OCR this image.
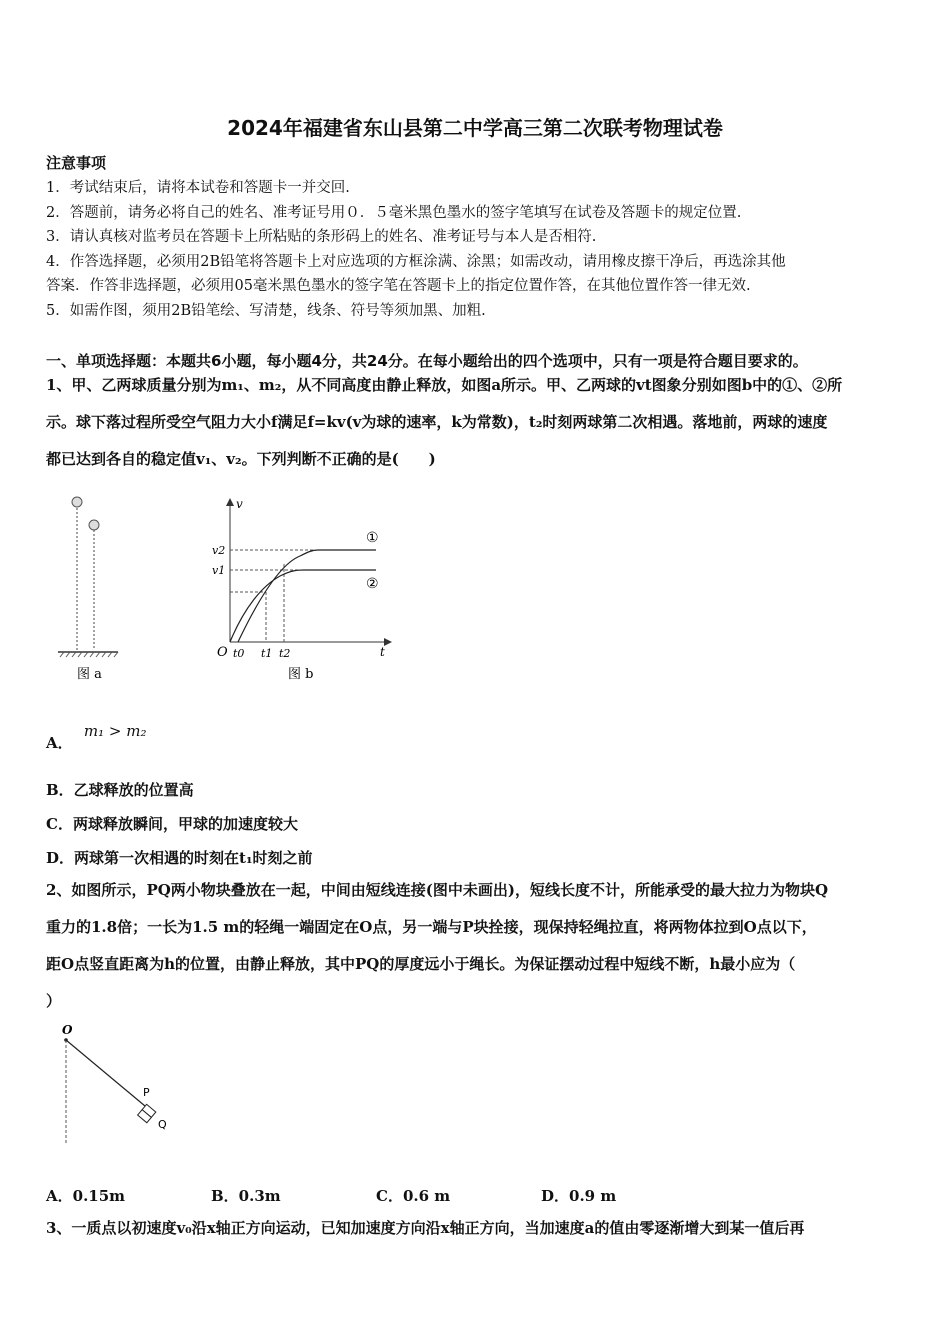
2024年福建省东山县第二中学高三第二次联考物理试卷
注意事项
1．考试结束后，请将本试卷和答题卡一并交回.
2．答题前，请务必将自己的姓名、准考证号用０．５毫米黑色墨水的签字笔填写在试卷及答题卡的规定位置.
3．请认真核对监考员在答题卡上所粘贴的条形码上的姓名、准考证号与本人是否相符.
4．作答选择题，必须用2B铅笔将答题卡上对应选项的方框涂满、涂黑；如需改动，请用橡皮擦干净后，再选涂其他
答案．作答非选择题，必须用05毫米黑色墨水的签字笔在答题卡上的指定位置作答，在其他位置作答一律无效.
5．如需作图，须用2B铅笔绘、写清楚，线条、符号等须加黑、加粗.
一、单项选择题：本题共6小题，每小题4分，共24分。在每小题给出的四个选项中，只有一项是符合题目要求的。
1、甲、乙两球质量分别为m₁、m₂，从不同高度由静止释放，如图a所示。甲、乙两球的vt图象分别如图b中的①、②所
示。球下落过程所受空气阻力大小f满足f=kv(v为球的速率，k为常数)，t₂时刻两球第二次相遇。落地前，两球的速度
都已达到各自的稳定值v₁、v₂。下列判断不正确的是(　　)
图 a
v
t
O
①
②
v2
v1
t0 t1 t2
图 b
A． m₁ > m₂
B．乙球释放的位置高
C．两球释放瞬间，甲球的加速度较大
D．两球第一次相遇的时刻在t₁时刻之前
2、如图所示，PQ两小物块叠放在一起，中间由短线连接(图中未画出)，短线长度不计，所能承受的最大拉力为物块Q
重力的1.8倍；一长为1.5 m的轻绳一端固定在O点，另一端与P块拴接，现保持轻绳拉直，将两物体拉到O点以下，
距O点竖直距离为h的位置，由静止释放，其中PQ的厚度远小于绳长。为保证摆动过程中短线不断，h最小应为（
）
O
P
Q
A．0.15m	B．0.3m	C．0.6 m	D．0.9 m
3、一质点以初速度v₀沿x轴正方向运动，已知加速度方向沿x轴正方向，当加速度a的值由零逐渐增大到某一值后再
